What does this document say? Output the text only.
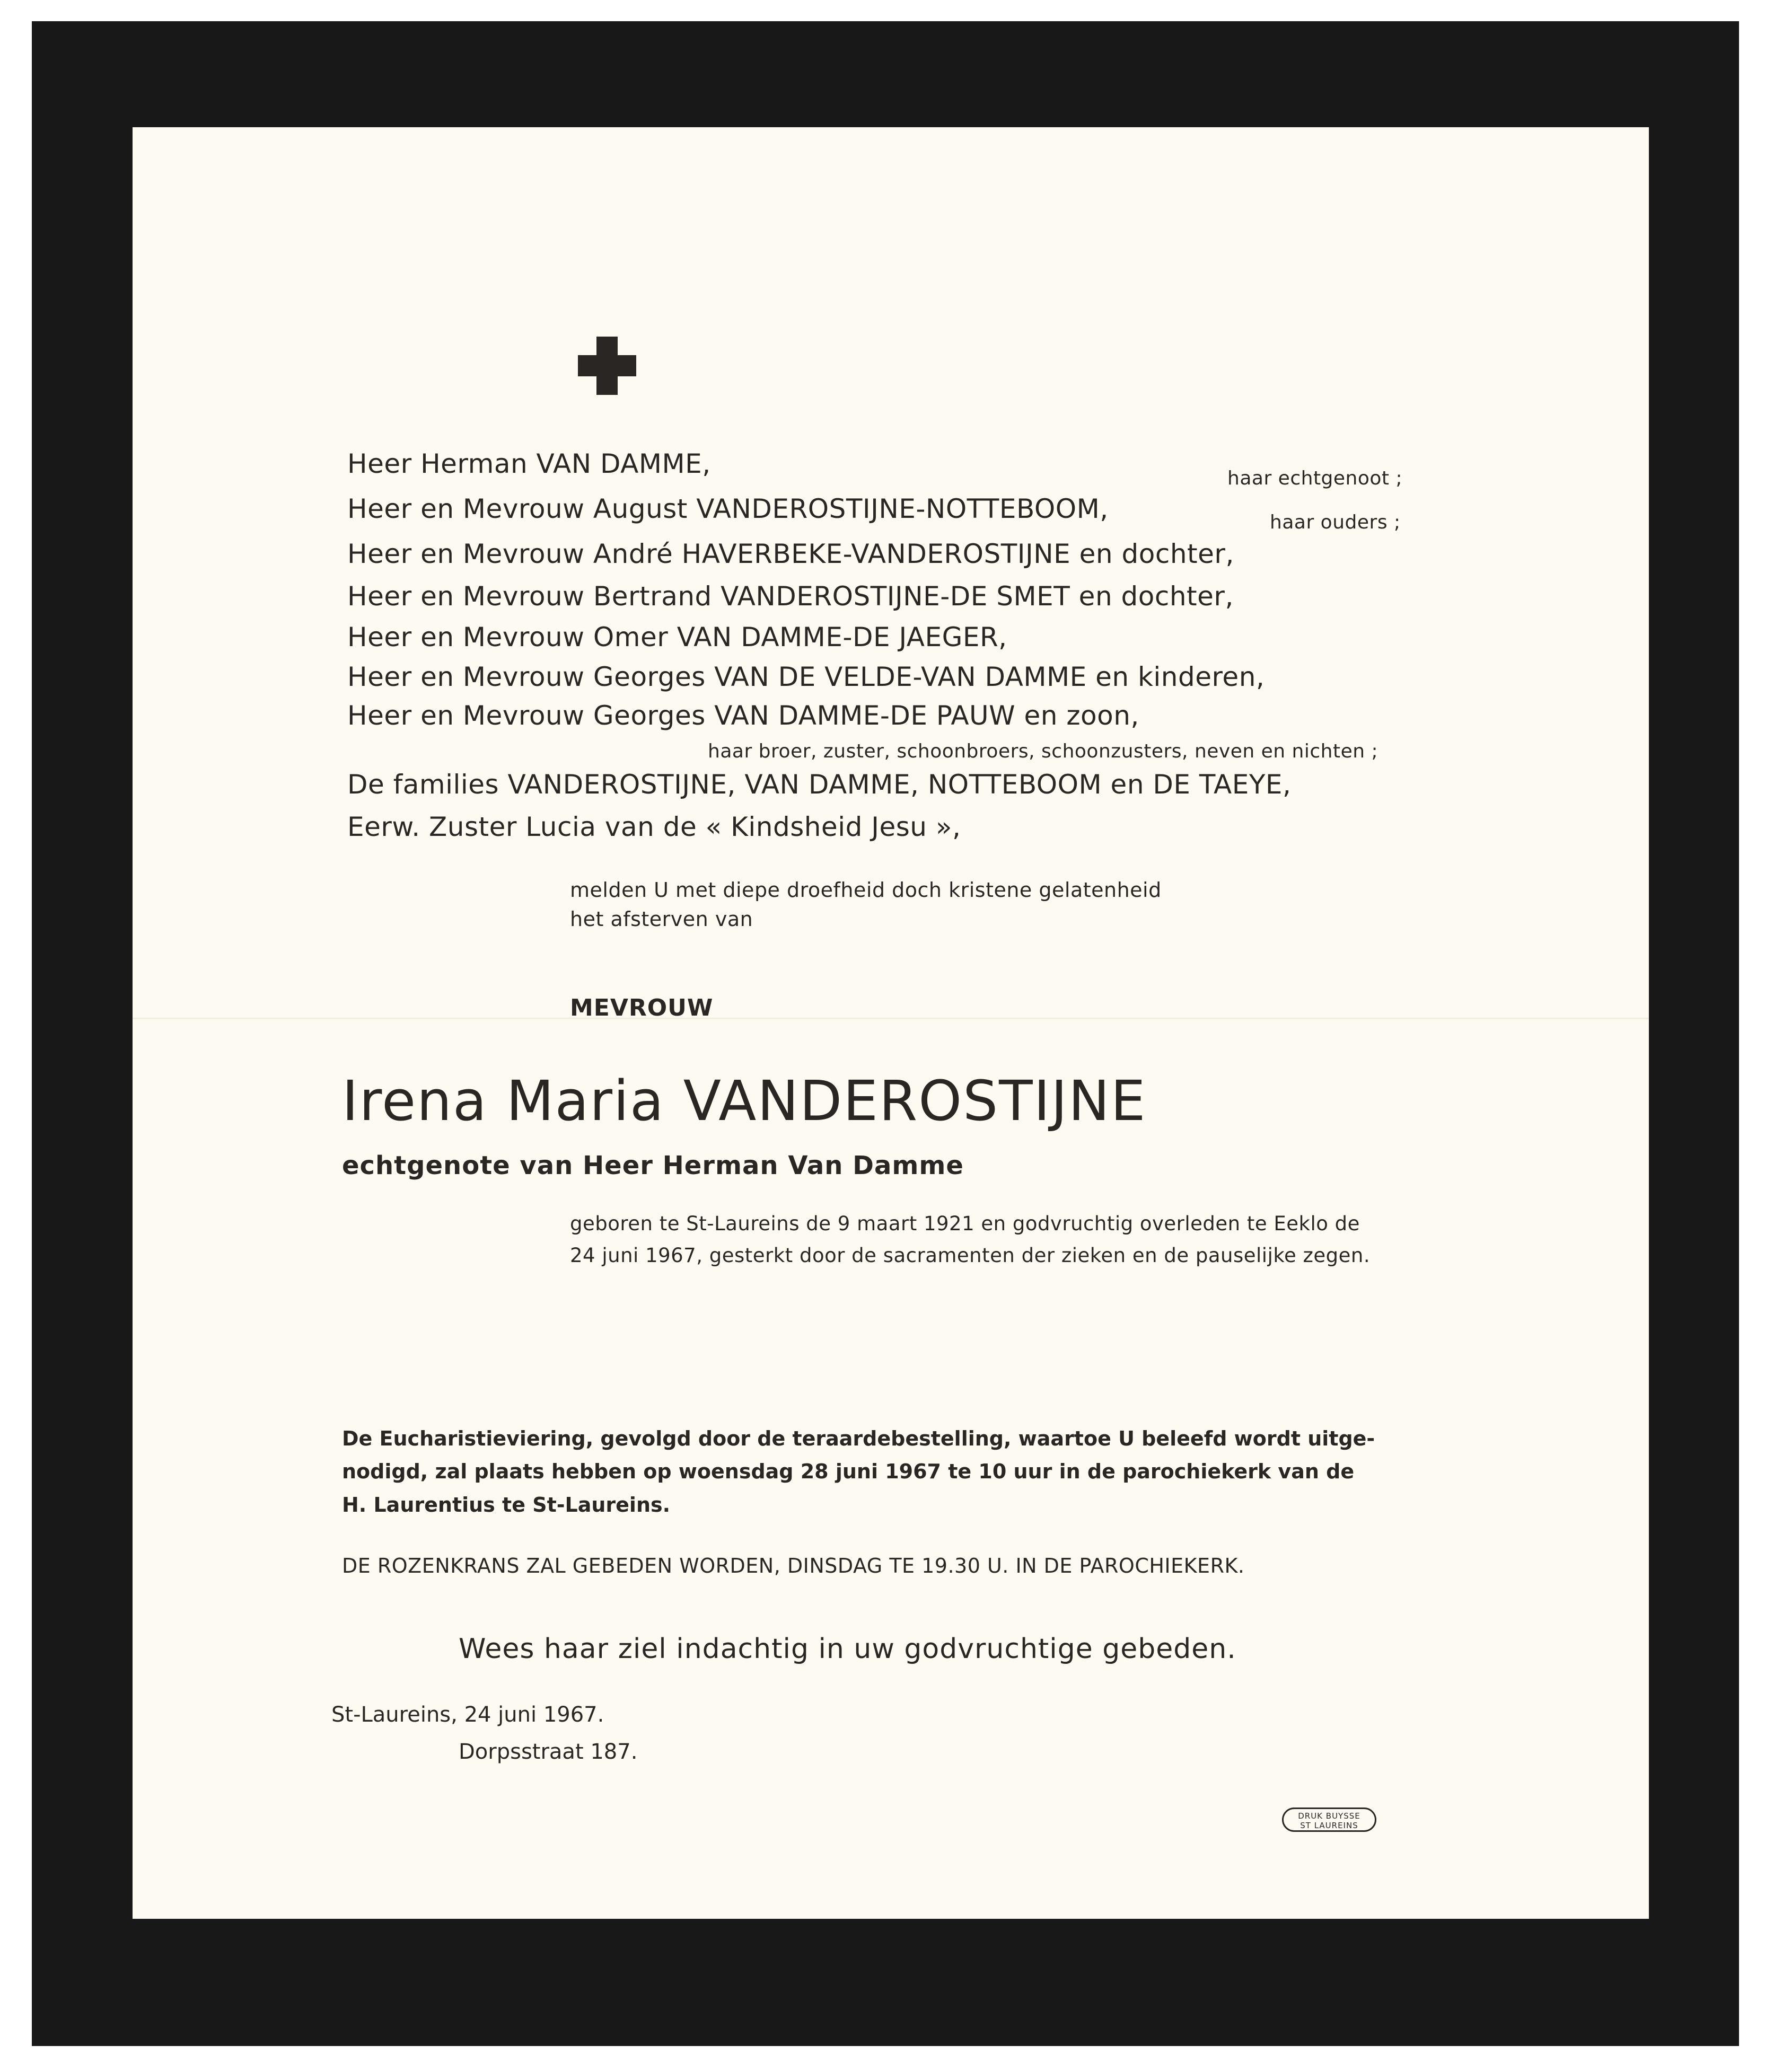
Heer Herman VAN DAMME,	haar echtgenoot ;
Heer en Mevrouw August VANDEROSTIJNE-NOTTEBOOM,	haar ouders ;
Heer en Mevrouw André HAVERBEKE-VANDEROSTIJNE en dochter,
Heer en Mevrouw Bertrand VANDEROSTIJNE-DE SMET en dochter,
Heer en Mevrouw Omer VAN DAMME-DE JAEGER,
Heer en Mevrouw Georges VAN DE VELDE-VAN DAMME en kinderen,
Heer en Mevrouw Georges VAN DAMME-DE PAUW en zoon,
haar broer, zuster, schoonbroers, schoonzusters, neven en nichten ;
De families VANDEROSTIJNE, VAN DAMME, NOTTEBOOM en DE TAEYE,
Eerw. Zuster Lucia van de « Kindsheid Jesu »,
melden U met diepe droefheid doch kristene gelatenheid
het afsterven van
MEVROUW
Irena Maria VANDEROSTIJNE
echtgenote van Heer Herman Van Damme
geboren te St-Laureins de 9 maart 1921 en godvruchtig overleden te Eeklo de
24 juni 1967, gesterkt door de sacramenten der zieken en de pauselijke zegen.
De Eucharistieviering, gevolgd door de teraardebestelling, waartoe U beleefd wordt uitge-
nodigd, zal plaats hebben op woensdag 28 juni 1967 te 10 uur in de parochiekerk van de
H. Laurentius te St-Laureins.
DE ROZENKRANS ZAL GEBEDEN WORDEN, DINSDAG TE 19.30 U. IN DE PAROCHIEKERK.
Wees haar ziel indachtig in uw godvruchtige gebeden.
St-Laureins, 24 juni 1967.
Dorpsstraat 187.
DRUK BUYSSE
ST LAUREINS
